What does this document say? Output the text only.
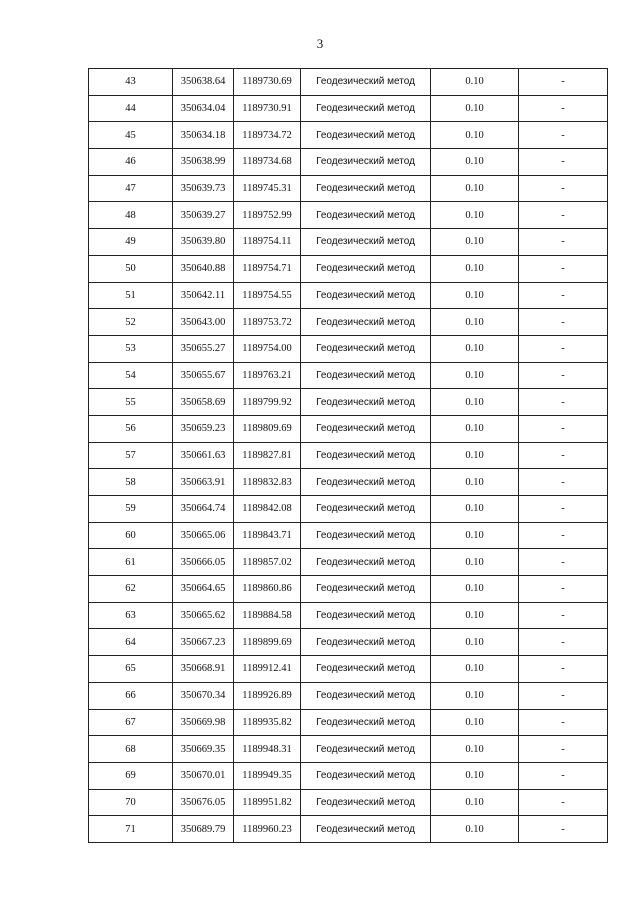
3
43	350638.64	1189730.69	Геодезический метод	0.10	-
44	350634.04	1189730.91	Геодезический метод	0.10	-
45	350634.18	1189734.72	Геодезический метод	0.10	-
46	350638.99	1189734.68	Геодезический метод	0.10	-
47	350639.73	1189745.31	Геодезический метод	0.10	-
48	350639.27	1189752.99	Геодезический метод	0.10	-
49	350639.80	1189754.11	Геодезический метод	0.10	-
50	350640.88	1189754.71	Геодезический метод	0.10	-
51	350642.11	1189754.55	Геодезический метод	0.10	-
52	350643.00	1189753.72	Геодезический метод	0.10	-
53	350655.27	1189754.00	Геодезический метод	0.10	-
54	350655.67	1189763.21	Геодезический метод	0.10	-
55	350658.69	1189799.92	Геодезический метод	0.10	-
56	350659.23	1189809.69	Геодезический метод	0.10	-
57	350661.63	1189827.81	Геодезический метод	0.10	-
58	350663.91	1189832.83	Геодезический метод	0.10	-
59	350664.74	1189842.08	Геодезический метод	0.10	-
60	350665.06	1189843.71	Геодезический метод	0.10	-
61	350666.05	1189857.02	Геодезический метод	0.10	-
62	350664.65	1189860.86	Геодезический метод	0.10	-
63	350665.62	1189884.58	Геодезический метод	0.10	-
64	350667.23	1189899.69	Геодезический метод	0.10	-
65	350668.91	1189912.41	Геодезический метод	0.10	-
66	350670.34	1189926.89	Геодезический метод	0.10	-
67	350669.98	1189935.82	Геодезический метод	0.10	-
68	350669.35	1189948.31	Геодезический метод	0.10	-
69	350670.01	1189949.35	Геодезический метод	0.10	-
70	350676.05	1189951.82	Геодезический метод	0.10	-
71	350689.79	1189960.23	Геодезический метод	0.10	-
